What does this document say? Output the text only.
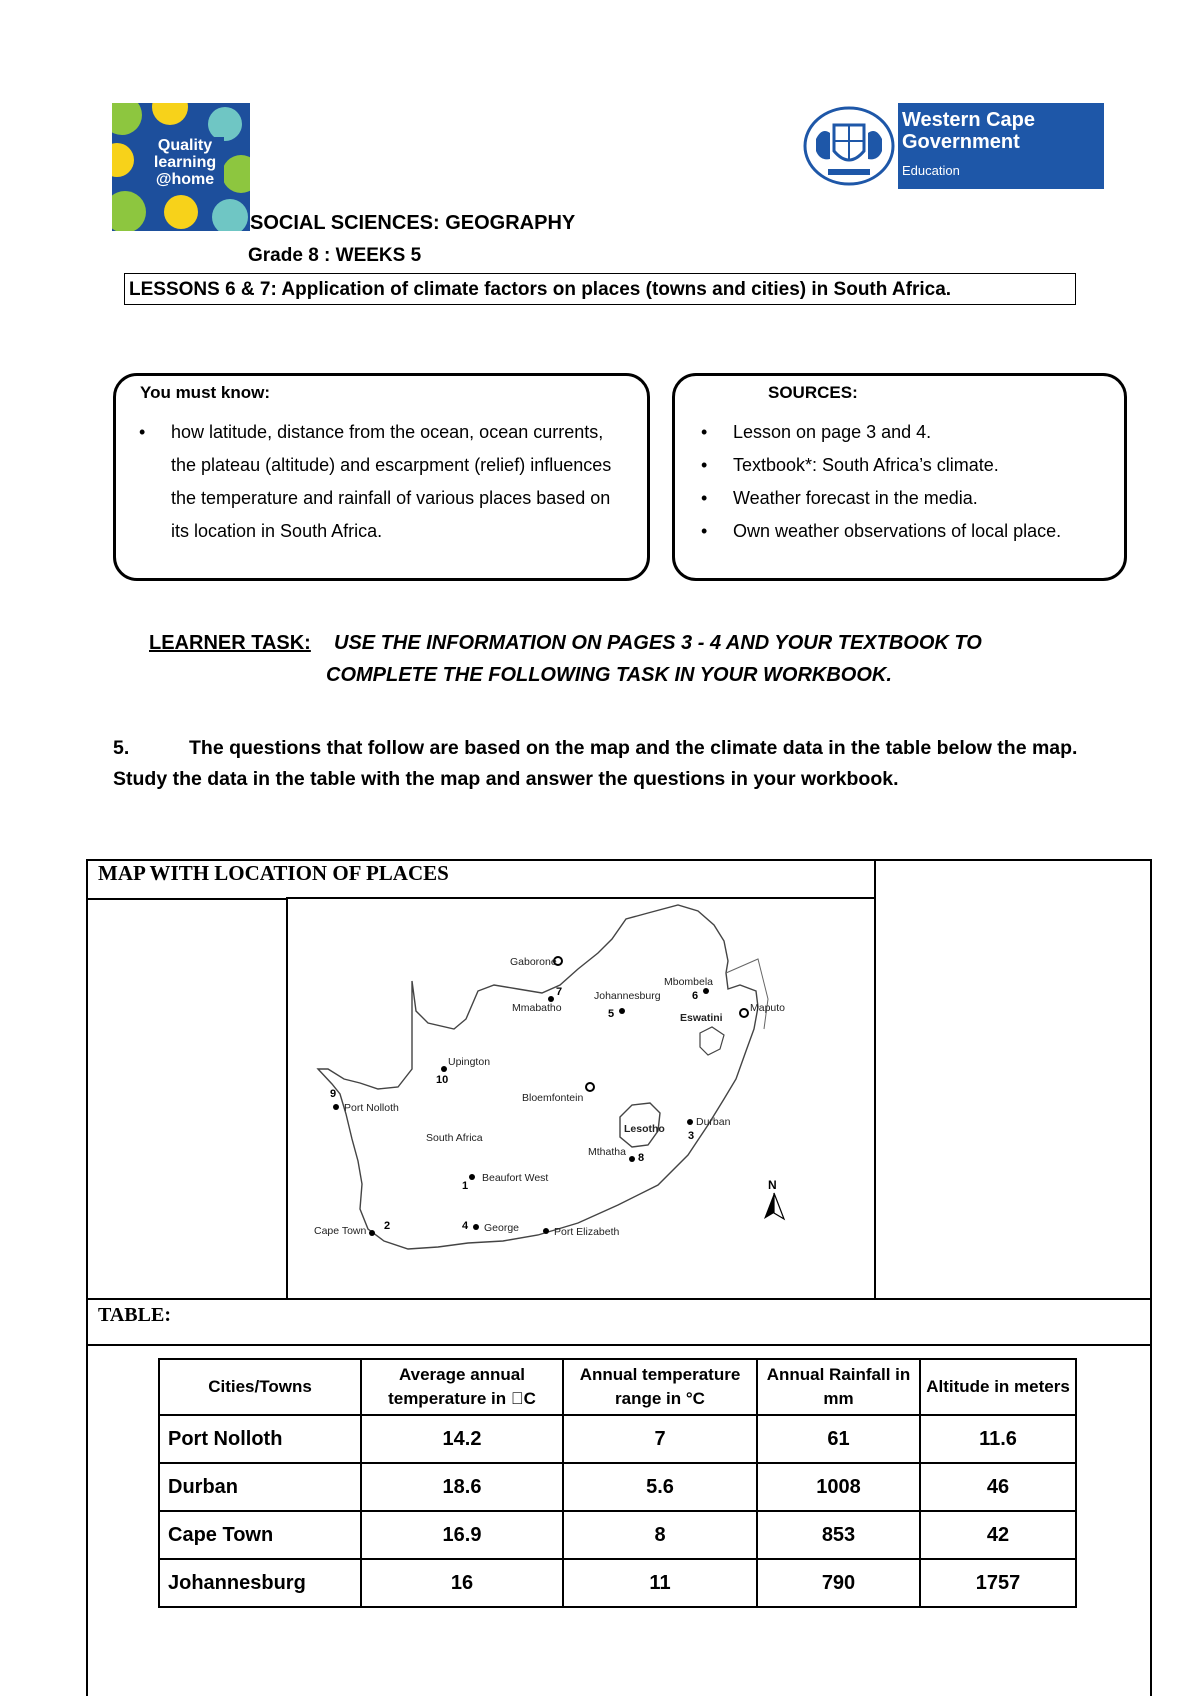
Quality
learning
@home
Western Cape
Government
Education
SOCIAL SCIENCES: GEOGRAPHY
Grade 8 : WEEKS 5
LESSONS 6 & 7: Application of climate factors on places (towns and cities) in South Africa.
You must know:
• how latitude, distance from the ocean, ocean currents, the plateau (altitude) and escarpment (relief) influences the temperature and rainfall of various places based on its location in South Africa.
SOURCES:
• Lesson on page 3 and 4.
• Textbook*: South Africa’s climate.
• Weather forecast in the media.
• Own weather observations of local place.
LEARNER TASK: USE THE INFORMATION ON PAGES 3 - 4 AND YOUR TEXTBOOK TO
COMPLETE THE FOLLOWING TASK IN YOUR WORKBOOK.
5.	The questions that follow are based on the map and the climate data in the table below the map. Study the data in the table with the map and answer the questions in your workbook.
MAP WITH LOCATION OF PLACES
Gaborone
7
Mmabatho
Johannesburg
5
Mbombela
6
Eswatini
Maputo
Upington
10
Bloemfontein
Lesotho
9
Port Nolloth
South Africa
Durban
3
Mthatha 8
1
Beaufort West
Cape Town 2	4 George	Port Elizabeth
N
TABLE:
Cities/Towns	Average annual temperature in  C	Annual temperature range in °C	Annual Rainfall in mm	Altitude in meters
Port Nolloth	14.2	7	61	11.6
Durban	18.6	5.6	1008	46
Cape Town	16.9	8	853	42
Johannesburg	16	11	790	1757
